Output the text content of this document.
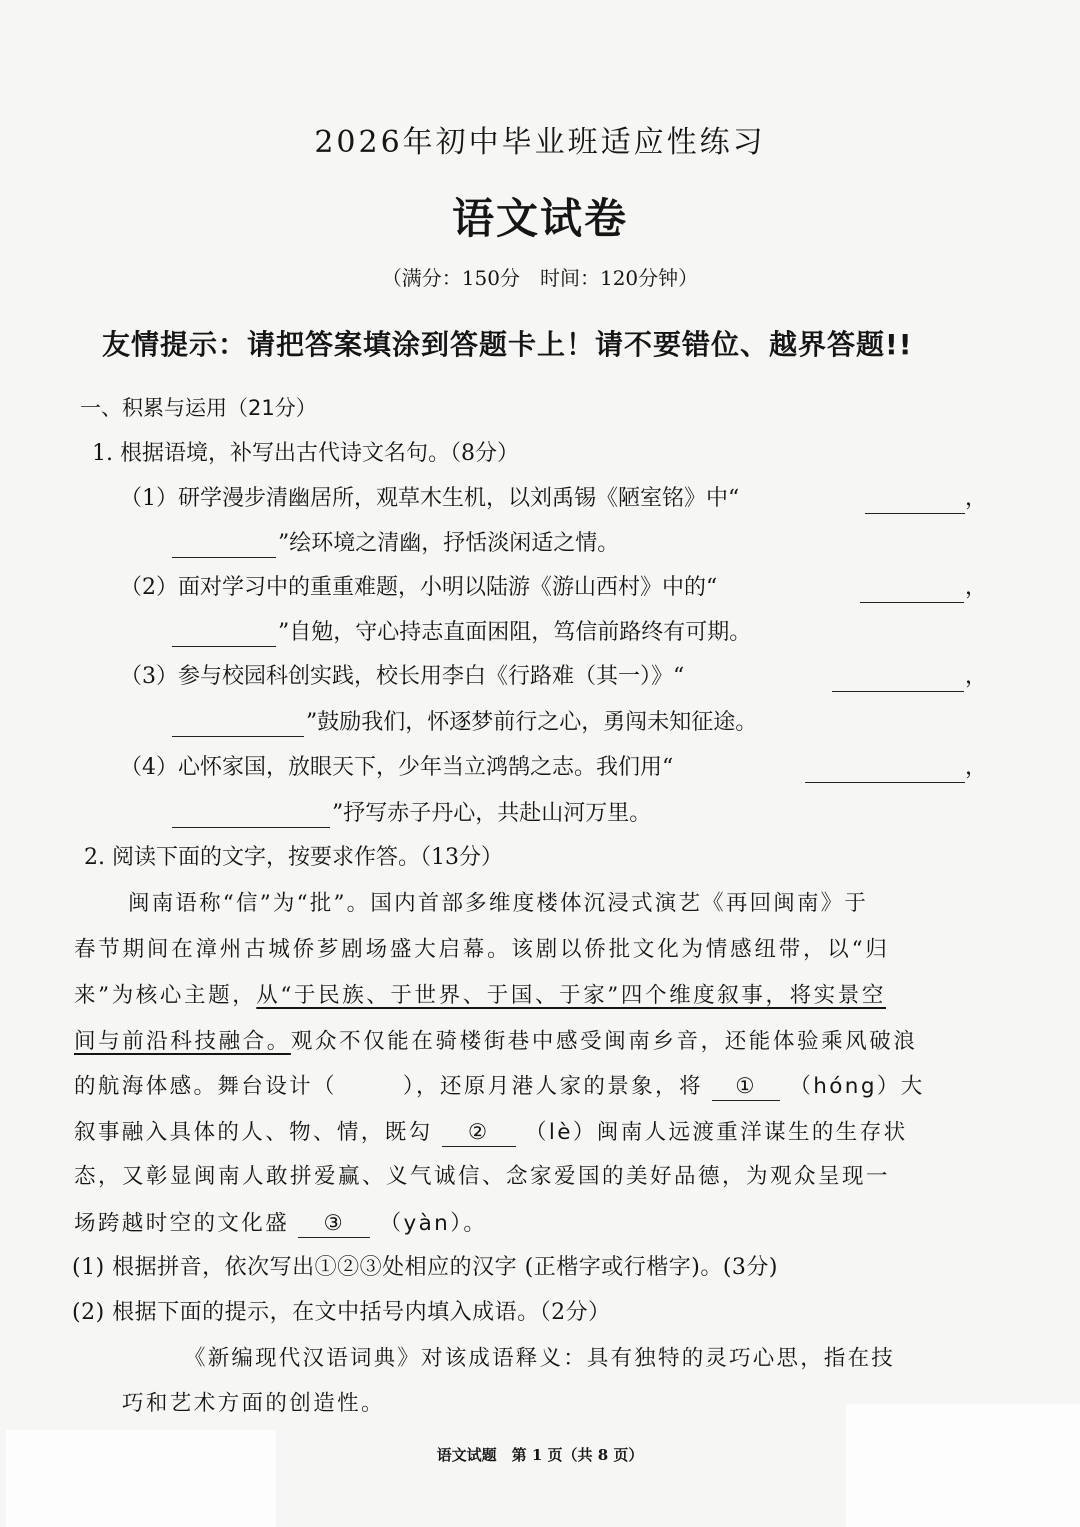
2026年初中毕业班适应性练习
语文试卷
（满分：150分　时间：120分钟）
友情提示：请把答案填涂到答题卡上！请不要错位、越界答题!!
一、积累与运用（21分）
1. 根据语境，补写出古代诗文名句。（8分）
（1）研学漫步清幽居所，观草木生机，以刘禹锡《陋室铭》中“	，
”绘环境之清幽，抒恬淡闲适之情。
（2）面对学习中的重重难题，小明以陆游《游山西村》中的“	，
”自勉，守心持志直面困阻，笃信前路终有可期。
（3）参与校园科创实践，校长用李白《行路难（其一）》“	，
”鼓励我们，怀逐梦前行之心，勇闯未知征途。
（4）心怀家国，放眼天下，少年当立鸿鹄之志。我们用“	，
”抒写赤子丹心，共赴山河万里。
2. 阅读下面的文字，按要求作答。（13分）
闽南语称“信”为“批”。国内首部多维度楼体沉浸式演艺《再回闽南》于
春节期间在漳州古城侨芗剧场盛大启幕。该剧以侨批文化为情感纽带，以“归
来”为核心主题，从“于民族、于世界、于国、于家”四个维度叙事，将实景空
间与前沿科技融合。观众不仅能在骑楼街巷中感受闽南乡音，还能体验乘风破浪
的航海体感。舞台设计（	），还原月港人家的景象，将 ① （hóng）大
叙事融入具体的人、物、情，既勾 ② （lè）闽南人远渡重洋谋生的生存状
态，又彰显闽南人敢拼爱赢、义气诚信、念家爱国的美好品德，为观众呈现一
场跨越时空的文化盛 ③ （yàn）。
(1) 根据拼音，依次写出①②③处相应的汉字 (正楷字或行楷字)。(3分)
(2) 根据下面的提示，在文中括号内填入成语。（2分）
《新编现代汉语词典》对该成语释义：具有独特的灵巧心思，指在技
巧和艺术方面的创造性。
语文试题　第 1 页（共 8 页）
